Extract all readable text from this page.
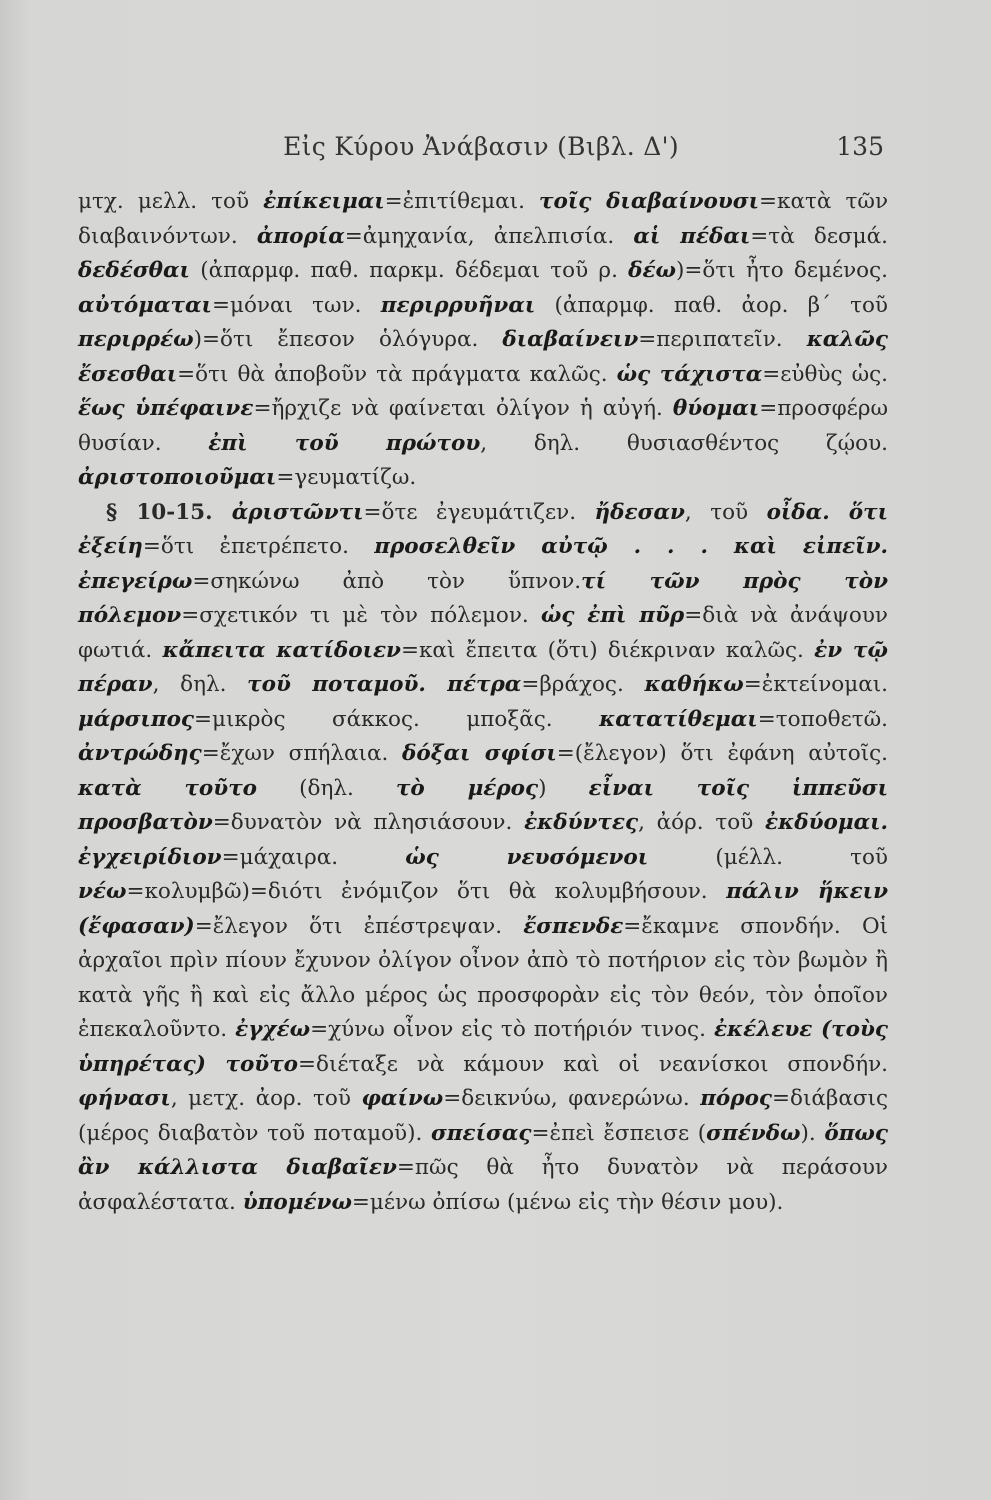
Εἰς Κύρου Ἀνάβασιν (Βιβλ. Δ')	135

μτχ. μελλ. τοῦ ἐπίκειμαι=ἐπιτίθεμαι. τοῖς διαβαίνουσι=κατὰ τῶν διαβαινόντων. ἀπορία=ἀμηχανία, ἀπελπισία. αἱ πέδαι=τὰ δεσμά. δεδέσθαι (ἀπαρμφ. παθ. παρκμ. δέδεμαι τοῦ ρ. δέω)=ὅτι ἦτο δεμένος. αὐτόμαται=μόναι των. περιρρυῆναι (ἀπαρμφ. παθ. ἀορ. β΄ τοῦ περιρρέω)=ὅτι ἔπεσον ὁλόγυρα. διαβαίνειν=περιπατεῖν. καλῶς ἔσεσθαι=ὅτι θὰ ἀποβοῦν τὰ πράγματα καλῶς. ὡς τάχιστα=εὐθὺς ὡς. ἕως ὑπέφαινε=ἤρχιζε νὰ φαίνεται ὀλίγον ἡ αὐγή. θύομαι=προσφέρω θυσίαν. ἐπὶ τοῦ πρώτου, δηλ. θυσιασθέντος ζῴου. ἀριστοποιοῦμαι=γευματίζω.

§ 10-15. ἀριστῶντι=ὅτε ἐγευμάτιζεν. ἤδεσαν, τοῦ οἶδα. ὅτι ἐξείη=ὅτι ἐπετρέπετο. προσελθεῖν αὐτῷ . . . καὶ εἰπεῖν. ἐπεγείρω=σηκώνω ἀπὸ τὸν ὕπνον.τί τῶν πρὸς τὸν πόλεμον=σχετικόν τι μὲ τὸν πόλεμον. ὡς ἐπὶ πῦρ=διὰ νὰ ἀνάψουν φωτιά. κἄπειτα κατίδοιεν=καὶ ἔπειτα (ὅτι) διέκριναν καλῶς. ἐν τῷ πέραν, δηλ. τοῦ ποταμοῦ. πέτρα=βράχος. καθήκω=ἐκτείνομαι. μάρσιπος=μικρὸς σάκκος. μποξᾶς. κατατίθεμαι=τοποθετῶ. ἀντρώδης=ἔχων σπήλαια. δόξαι σφίσι=(ἔλεγον) ὅτι ἐφάνη αὐτοῖς. κατὰ τοῦτο (δηλ. τὸ μέρος) εἶναι τοῖς ἱππεῦσι προσβατὸν=δυνατὸν νὰ πλησιάσουν. ἐκδύντες, ἀόρ. τοῦ ἐκδύομαι. ἐγχειρίδιον=μάχαιρα. ὡς νευσόμενοι (μέλλ. τοῦ νέω=κολυμβῶ)=διότι ἐνόμιζον ὅτι θὰ κολυμβήσουν. πάλιν ἥκειν (ἔφασαν)=ἔλεγον ὅτι ἐπέστρεψαν. ἔσπενδε=ἔκαμνε σπονδήν. Οἱ ἀρχαῖοι πρὶν πίουν ἔχυνον ὀλίγον οἶνον ἀπὸ τὸ ποτήριον εἰς τὸν βωμὸν ἢ κατὰ γῆς ἢ καὶ εἰς ἄλλο μέρος ὡς προσφορὰν εἰς τὸν θεόν, τὸν ὁποῖον ἐπεκαλοῦντο. ἐγχέω=χύνω οἶνον εἰς τὸ ποτήριόν τινος. ἐκέλευε (τοὺς ὑπηρέτας) τοῦτο=διέταξε νὰ κάμουν καὶ οἱ νεανίσκοι σπονδήν. φήνασι, μετχ. ἀορ. τοῦ φαίνω=δεικνύω, φανερώνω. πόρος=διάβασις (μέρος διαβατὸν τοῦ ποταμοῦ). σπείσας=ἐπεὶ ἔσπεισε (σπένδω). ὅπως ἂν κάλλιστα διαβαῖεν=πῶς θὰ ἦτο δυνατὸν νὰ περάσουν ἀσφαλέστατα. ὑπομένω=μένω ὀπίσω (μένω εἰς τὴν θέσιν μου).
